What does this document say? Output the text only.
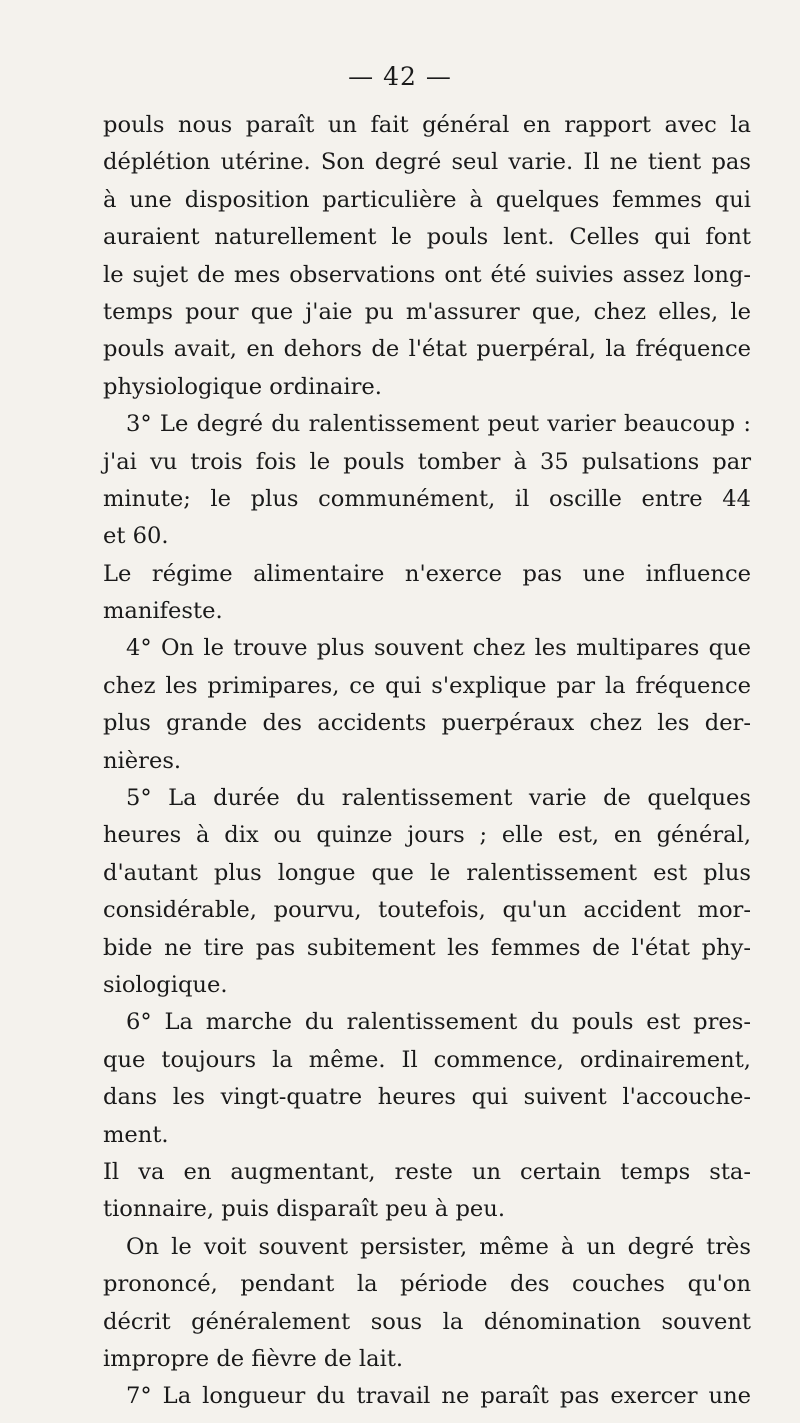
— 42 —
pouls nous paraît un fait général en rapport avec la
déplétion utérine. Son degré seul varie. Il ne tient pas
à une disposition particulière à quelques femmes qui
auraient naturellement le pouls lent. Celles qui font
le sujet de mes observations ont été suivies assez long-
temps pour que j'aie pu m'assurer que, chez elles, le
pouls avait, en dehors de l'état puerpéral, la fréquence
physiologique ordinaire.
3° Le degré du ralentissement peut varier beaucoup :
j'ai vu trois fois le pouls tomber à 35 pulsations par
minute; le plus communément, il oscille entre 44
et 60.
Le régime alimentaire n'exerce pas une influence
manifeste.
4° On le trouve plus souvent chez les multipares que
chez les primipares, ce qui s'explique par la fréquence
plus grande des accidents puerpéraux chez les der-
nières.
5° La durée du ralentissement varie de quelques
heures à dix ou quinze jours ; elle est, en général,
d'autant plus longue que le ralentissement est plus
considérable, pourvu, toutefois, qu'un accident mor-
bide ne tire pas subitement les femmes de l'état phy-
siologique.
6° La marche du ralentissement du pouls est pres-
que toujours la même. Il commence, ordinairement,
dans les vingt-quatre heures qui suivent l'accouche-
ment.
Il va en augmentant, reste un certain temps sta-
tionnaire, puis disparaît peu à peu.
On le voit souvent persister, même à un degré très
prononcé, pendant la période des couches qu'on
décrit généralement sous la dénomination souvent
impropre de fièvre de lait.
7° La longueur du travail ne paraît pas exercer une
